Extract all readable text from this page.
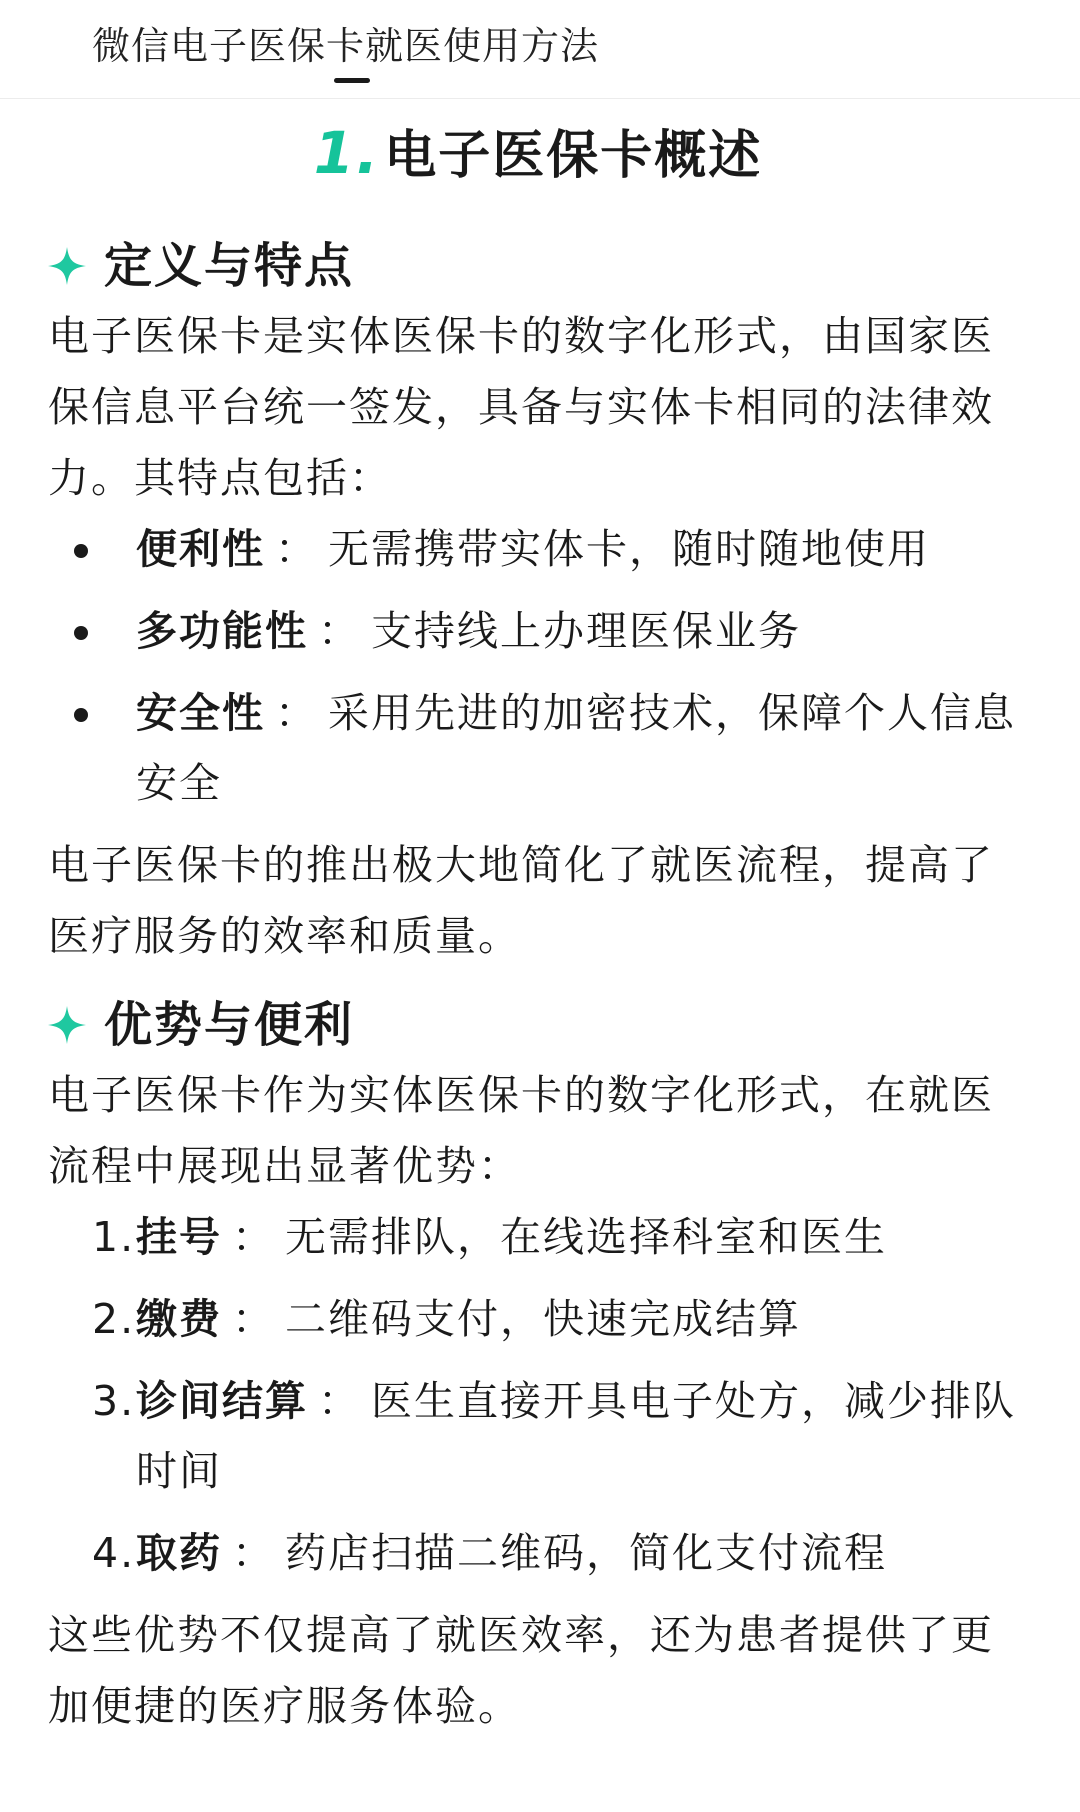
微信电子医保卡就医使用方法
1.电子医保卡概述
定义与特点

电子医保卡是实体医保卡的数字化形式，由国家医保信息平台统一签发，具备与实体卡相同的法律效力。其特点包括：

便利性 ： 无需携带实体卡，随时随地使用
多功能性 ： 支持线上办理医保业务
安全性 ： 采用先进的加密技术，保障个人信息安全

电子医保卡的推出极大地简化了就医流程，提高了医疗服务的效率和质量。

优势与便利

电子医保卡作为实体医保卡的数字化形式，在就医流程中展现出显著优势：

1. 挂号 ： 无需排队，在线选择科室和医生
2. 缴费 ： 二维码支付，快速完成结算
3. 诊间结算 ： 医生直接开具电子处方，减少排队时间
4. 取药 ： 药店扫描二维码，简化支付流程

这些优势不仅提高了就医效率，还为患者提供了更加便捷的医疗服务体验。
